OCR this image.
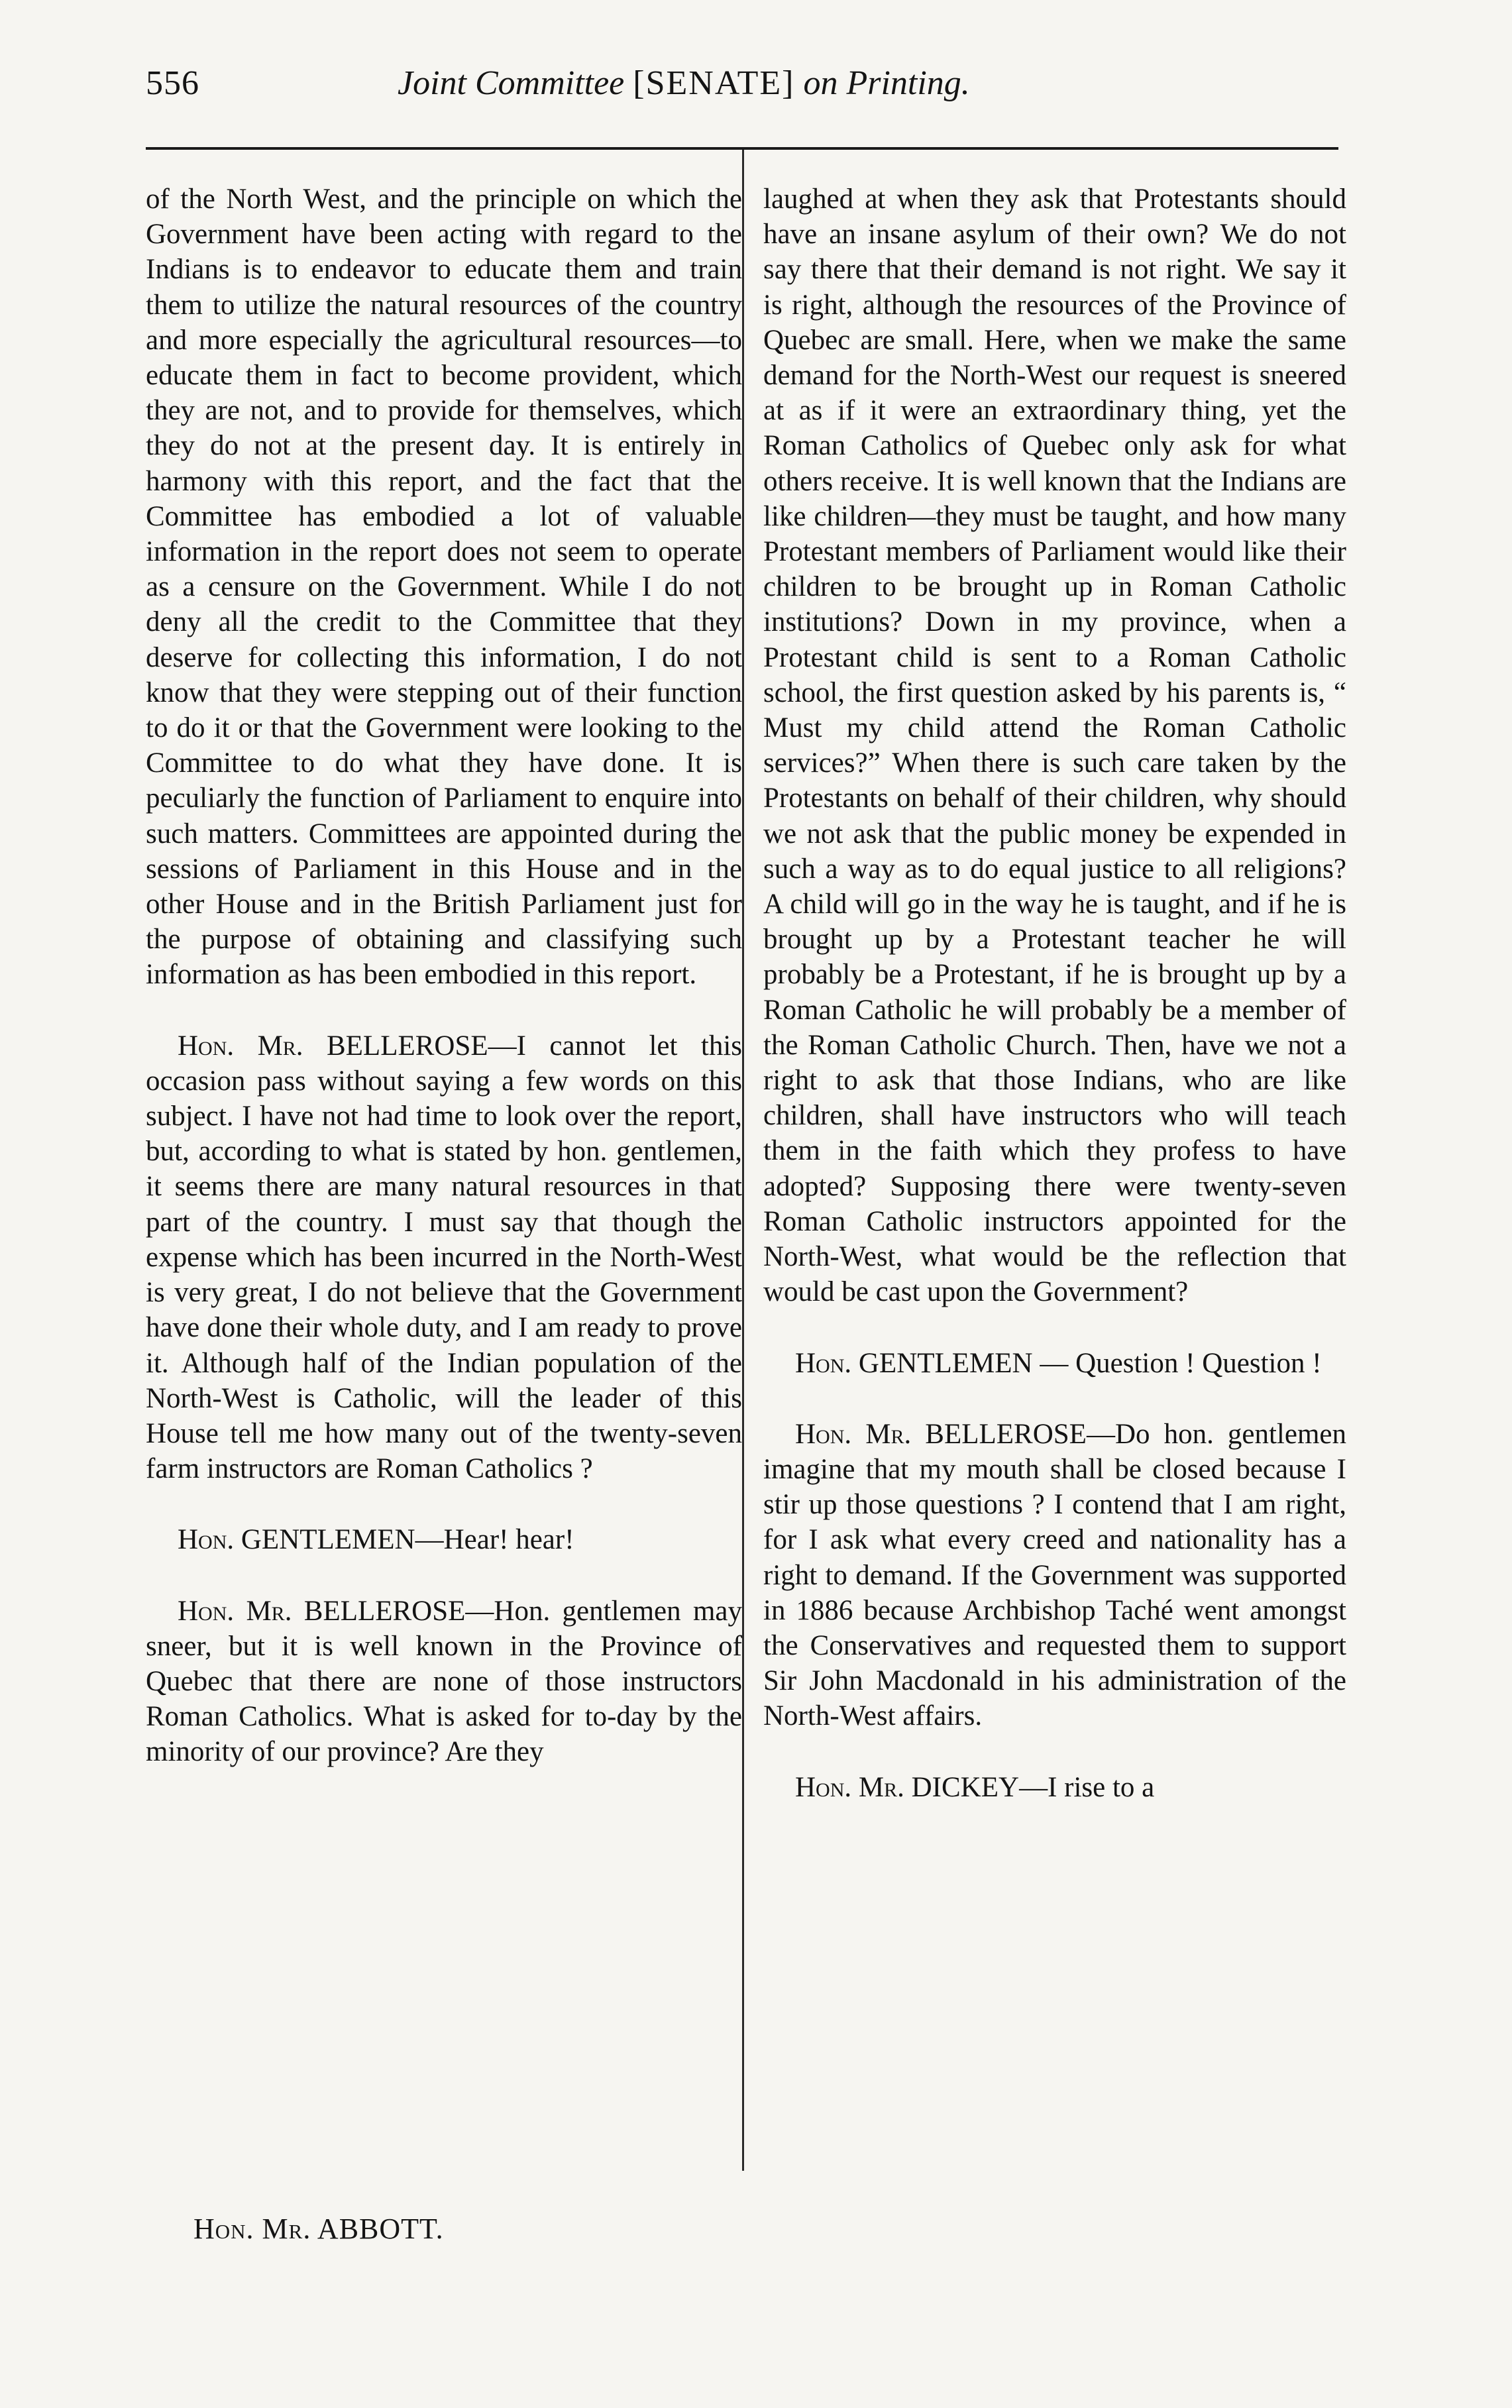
556	Joint Committee [SENATE] on Printing.

of the North West, and the principle on which the Government have been acting with regard to the Indians is to endeavor to educate them and train them to utilize the natural resources of the country and more especially the agricultural resources—to educate them in fact to become provident, which they are not, and to provide for themselves, which they do not at the present day. It is entirely in harmony with this report, and the fact that the Committee has embodied a lot of valuable information in the report does not seem to operate as a censure on the Government. While I do not deny all the credit to the Committee that they deserve for collecting this information, I do not know that they were stepping out of their function to do it or that the Government were looking to the Committee to do what they have done. It is peculiarly the function of Parliament to enquire into such matters. Committees are appointed during the sessions of Parliament in this House and in the other House and in the British Parliament just for the purpose of obtaining and classifying such information as has been embodied in this report.

Hon. Mr. BELLEROSE—I cannot let this occasion pass without saying a few words on this subject. I have not had time to look over the report, but, according to what is stated by hon. gentlemen, it seems there are many natural resources in that part of the country. I must say that though the expense which has been incurred in the North-West is very great, I do not believe that the Government have done their whole duty, and I am ready to prove it. Although half of the Indian population of the North-West is Catholic, will the leader of this House tell me how many out of the twenty-seven farm instructors are Roman Catholics ?

Hon. GENTLEMEN—Hear! hear!

Hon. Mr. BELLEROSE—Hon. gentlemen may sneer, but it is well known in the Province of Quebec that there are none of those instructors Roman Catholics. What is asked for to-day by the minority of our province? Are they

laughed at when they ask that Protestants should have an insane asylum of their own? We do not say there that their demand is not right. We say it is right, although the resources of the Province of Quebec are small. Here, when we make the same demand for the North-West our request is sneered at as if it were an extraordinary thing, yet the Roman Catholics of Quebec only ask for what others receive. It is well known that the Indians are like children—they must be taught, and how many Protestant members of Parliament would like their children to be brought up in Roman Catholic institutions? Down in my province, when a Protestant child is sent to a Roman Catholic school, the first question asked by his parents is, “ Must my child attend the Roman Catholic services?” When there is such care taken by the Protestants on behalf of their children, why should we not ask that the public money be expended in such a way as to do equal justice to all religions? A child will go in the way he is taught, and if he is brought up by a Protestant teacher he will probably be a Protestant, if he is brought up by a Roman Catholic he will probably be a member of the Roman Catholic Church. Then, have we not a right to ask that those Indians, who are like children, shall have instructors who will teach them in the faith which they profess to have adopted? Supposing there were twenty-seven Roman Catholic instructors appointed for the North-West, what would be the reflection that would be cast upon the Government?

Hon. GENTLEMEN — Question ! Question !

Hon. Mr. BELLEROSE—Do hon. gentlemen imagine that my mouth shall be closed because I stir up those questions ? I contend that I am right, for I ask what every creed and nationality has a right to demand. If the Government was supported in 1886 because Archbishop Taché went amongst the Conservatives and requested them to support Sir John Macdonald in his administration of the North-West affairs.

Hon. Mr. DICKEY—I rise to a

Hon. Mr. ABBOTT.
